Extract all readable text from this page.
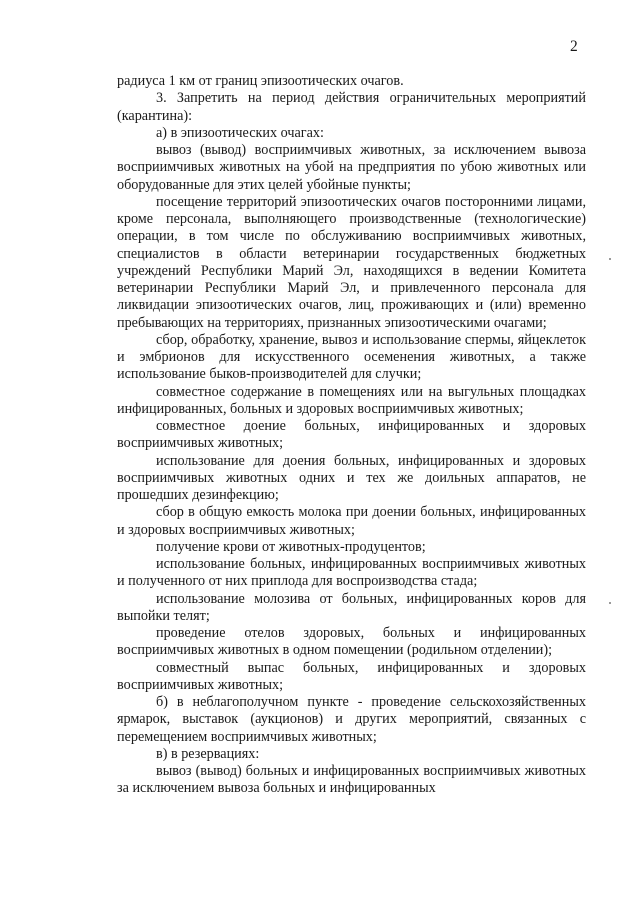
2

радиуса 1 км от границ эпизоотических очагов.

3. Запретить на период действия ограничительных мероприятий (карантина):

а) в эпизоотических очагах:

вывоз (вывод) восприимчивых животных, за исключением вывоза восприимчивых животных на убой на предприятия по убою животных или оборудованные для этих целей убойные пункты;

посещение территорий эпизоотических очагов посторонними лицами, кроме персонала, выполняющего производственные (технологические) операции, в том числе по обслуживанию восприимчивых животных, специалистов в области ветеринарии государственных бюджетных учреждений Республики Марий Эл, находящихся в ведении Комитета ветеринарии Республики Марий Эл, и привлеченного персонала для ликвидации эпизоотических очагов, лиц, проживающих и (или) временно пребывающих на территориях, признанных эпизоотическими очагами;

сбор, обработку, хранение, вывоз и использование спермы, яйцеклеток и эмбрионов для искусственного осеменения животных, а также использование быков-производителей для случки;

совместное содержание в помещениях или на выгульных площадках инфицированных, больных и здоровых восприимчивых животных;

совместное доение больных, инфицированных и здоровых восприимчивых животных;

использование для доения больных, инфицированных и здоровых восприимчивых животных одних и тех же доильных аппаратов, не прошедших дезинфекцию;

сбор в общую емкость молока при доении больных, инфицированных и здоровых восприимчивых животных;

получение крови от животных-продуцентов;

использование больных, инфицированных восприимчивых животных и полученного от них приплода для воспроизводства стада;

использование молозива от больных, инфицированных коров для выпойки телят;

проведение отелов здоровых, больных и инфицированных восприимчивых животных в одном помещении (родильном отделении);

совместный выпас больных, инфицированных и здоровых восприимчивых животных;

б) в неблагополучном пункте - проведение сельскохозяйственных ярмарок, выставок (аукционов) и других мероприятий, связанных с перемещением восприимчивых животных;

в) в резервациях:

вывоз (вывод) больных и инфицированных восприимчивых животных за исключением вывоза больных и инфицированных
